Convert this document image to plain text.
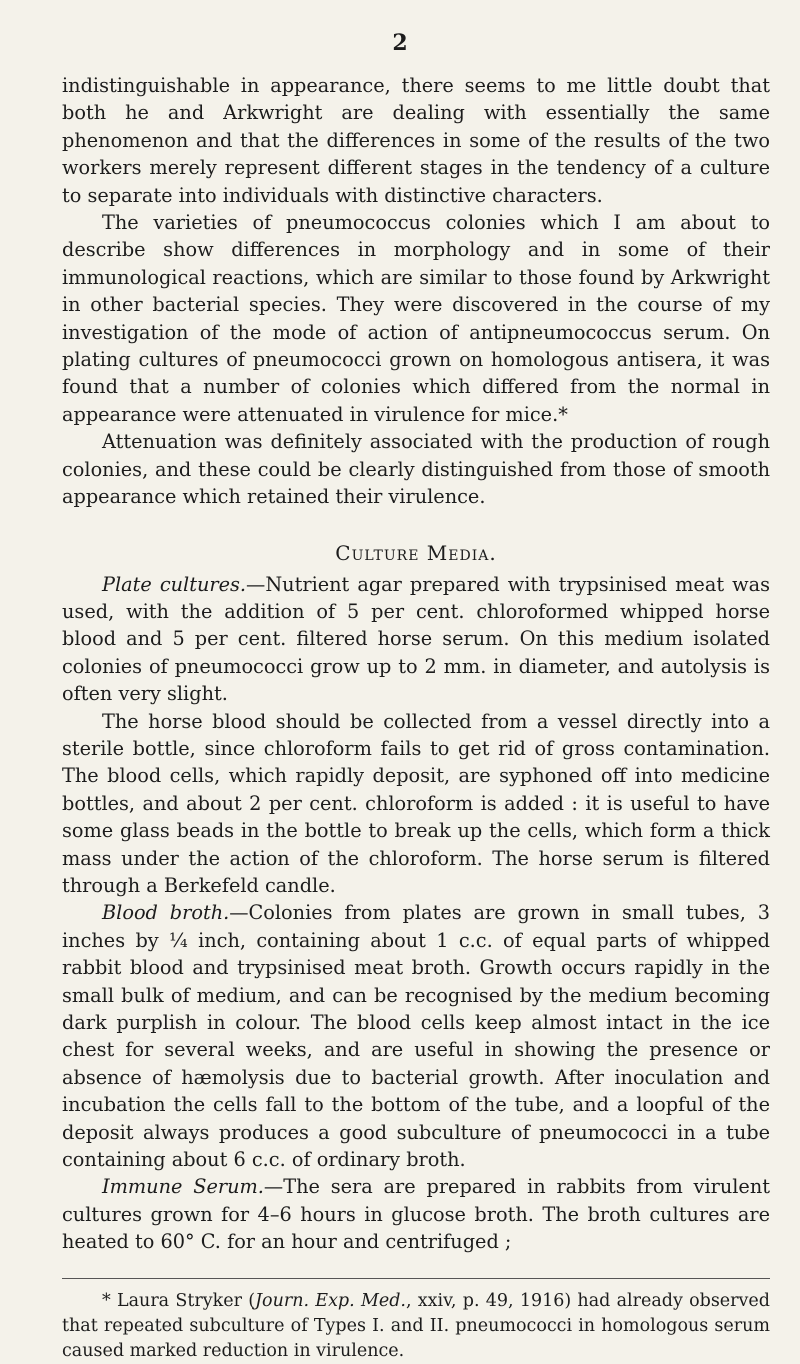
2

indistinguishable in appearance, there seems to me little doubt that both he and Arkwright are dealing with essentially the same phenomenon and that the differences in some of the results of the two workers merely represent different stages in the tendency of a culture to separate into individuals with distinctive characters.

The varieties of pneumococcus colonies which I am about to describe show differences in morphology and in some of their immunological reactions, which are similar to those found by Arkwright in other bacterial species. They were discovered in the course of my investigation of the mode of action of antipneumococcus serum. On plating cultures of pneumococci grown on homologous antisera, it was found that a number of colonies which differed from the normal in appearance were attenuated in virulence for mice.*

Attenuation was definitely associated with the production of rough colonies, and these could be clearly distinguished from those of smooth appearance which retained their virulence.

Culture Media.

Plate cultures.—Nutrient agar prepared with trypsinised meat was used, with the addition of 5 per cent. chloroformed whipped horse blood and 5 per cent. filtered horse serum. On this medium isolated colonies of pneumococci grow up to 2 mm. in diameter, and autolysis is often very slight.

The horse blood should be collected from a vessel directly into a sterile bottle, since chloroform fails to get rid of gross contamination. The blood cells, which rapidly deposit, are syphoned off into medicine bottles, and about 2 per cent. chloroform is added : it is useful to have some glass beads in the bottle to break up the cells, which form a thick mass under the action of the chloroform. The horse serum is filtered through a Berkefeld candle.

Blood broth.—Colonies from plates are grown in small tubes, 3 inches by ¼ inch, containing about 1 c.c. of equal parts of whipped rabbit blood and trypsinised meat broth. Growth occurs rapidly in the small bulk of medium, and can be recognised by the medium becoming dark purplish in colour. The blood cells keep almost intact in the ice chest for several weeks, and are useful in showing the presence or absence of hæmolysis due to bacterial growth. After inoculation and incubation the cells fall to the bottom of the tube, and a loopful of the deposit always produces a good subculture of pneumococci in a tube containing about 6 c.c. of ordinary broth.

Immune Serum.—The sera are prepared in rabbits from virulent cultures grown for 4–6 hours in glucose broth. The broth cultures are heated to 60° C. for an hour and centrifuged ;

* Laura Stryker (Journ. Exp. Med., xxiv, p. 49, 1916) had already observed that repeated subculture of Types I. and II. pneumococci in homologous serum caused marked reduction in virulence.
